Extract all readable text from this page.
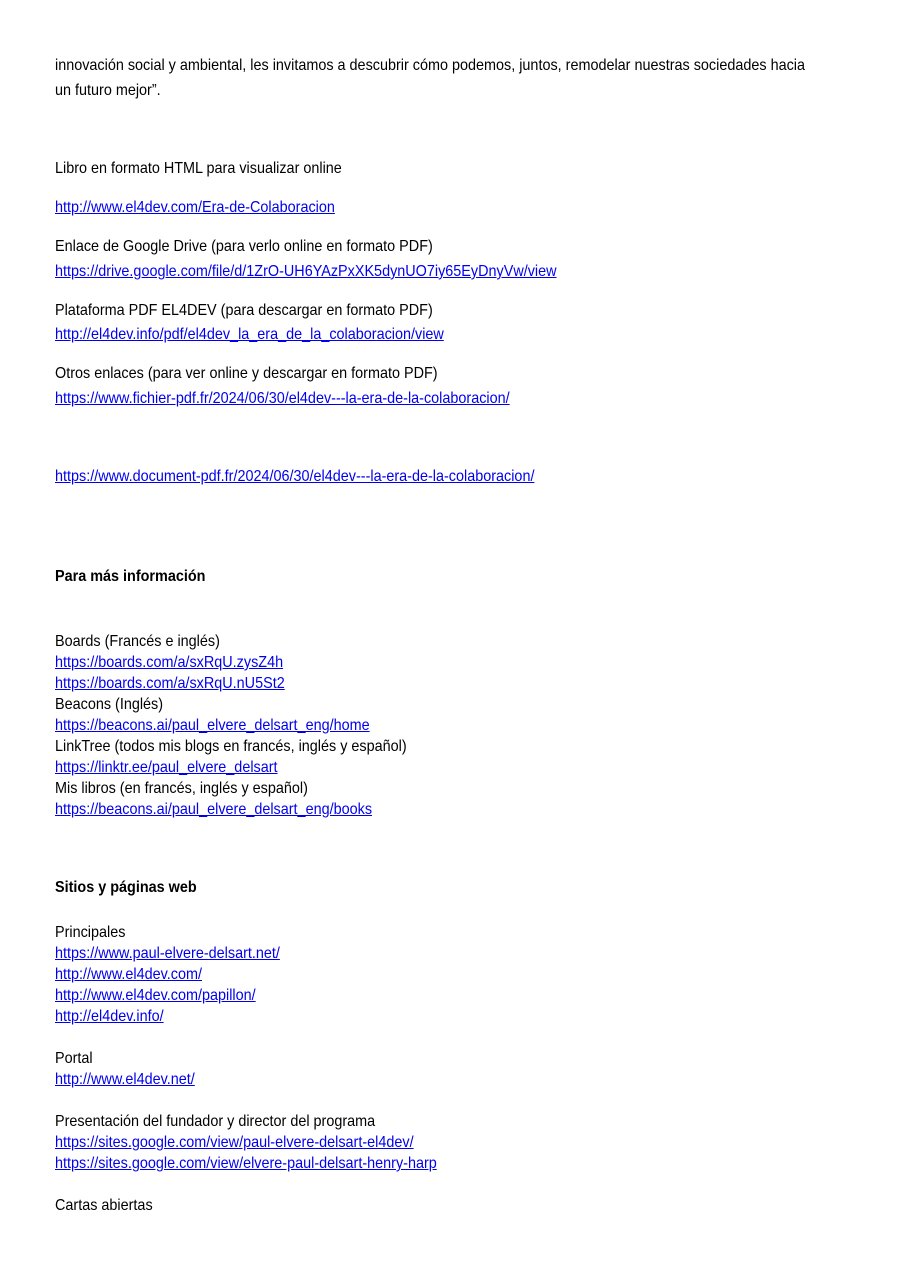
innovación social y ambiental, les invitamos a descubrir cómo podemos, juntos, remodelar nuestras sociedades hacia
un futuro mejor”.
Libro en formato HTML para visualizar online
http://www.el4dev.com/Era-de-Colaboracion
Enlace de Google Drive (para verlo online en formato PDF)
https://drive.google.com/file/d/1ZrO-UH6YAzPxXK5dynUO7iy65EyDnyVw/view
Plataforma PDF EL4DEV (para descargar en formato PDF)
http://el4dev.info/pdf/el4dev_la_era_de_la_colaboracion/view
Otros enlaces (para ver online y descargar en formato PDF)
https://www.fichier-pdf.fr/2024/06/30/el4dev---la-era-de-la-colaboracion/
https://www.document-pdf.fr/2024/06/30/el4dev---la-era-de-la-colaboracion/
Para más información
Boards (Francés e inglés)
https://boards.com/a/sxRqU.zysZ4h
https://boards.com/a/sxRqU.nU5St2
Beacons (Inglés)
https://beacons.ai/paul_elvere_delsart_eng/home
LinkTree (todos mis blogs en francés, inglés y español)
https://linktr.ee/paul_elvere_delsart
Mis libros (en francés, inglés y español)
https://beacons.ai/paul_elvere_delsart_eng/books
Sitios y páginas web
Principales
https://www.paul-elvere-delsart.net/
http://www.el4dev.com/
http://www.el4dev.com/papillon/
http://el4dev.info/
Portal
http://www.el4dev.net/
Presentación del fundador y director del programa
https://sites.google.com/view/paul-elvere-delsart-el4dev/
https://sites.google.com/view/elvere-paul-delsart-henry-harp
Cartas abiertas
